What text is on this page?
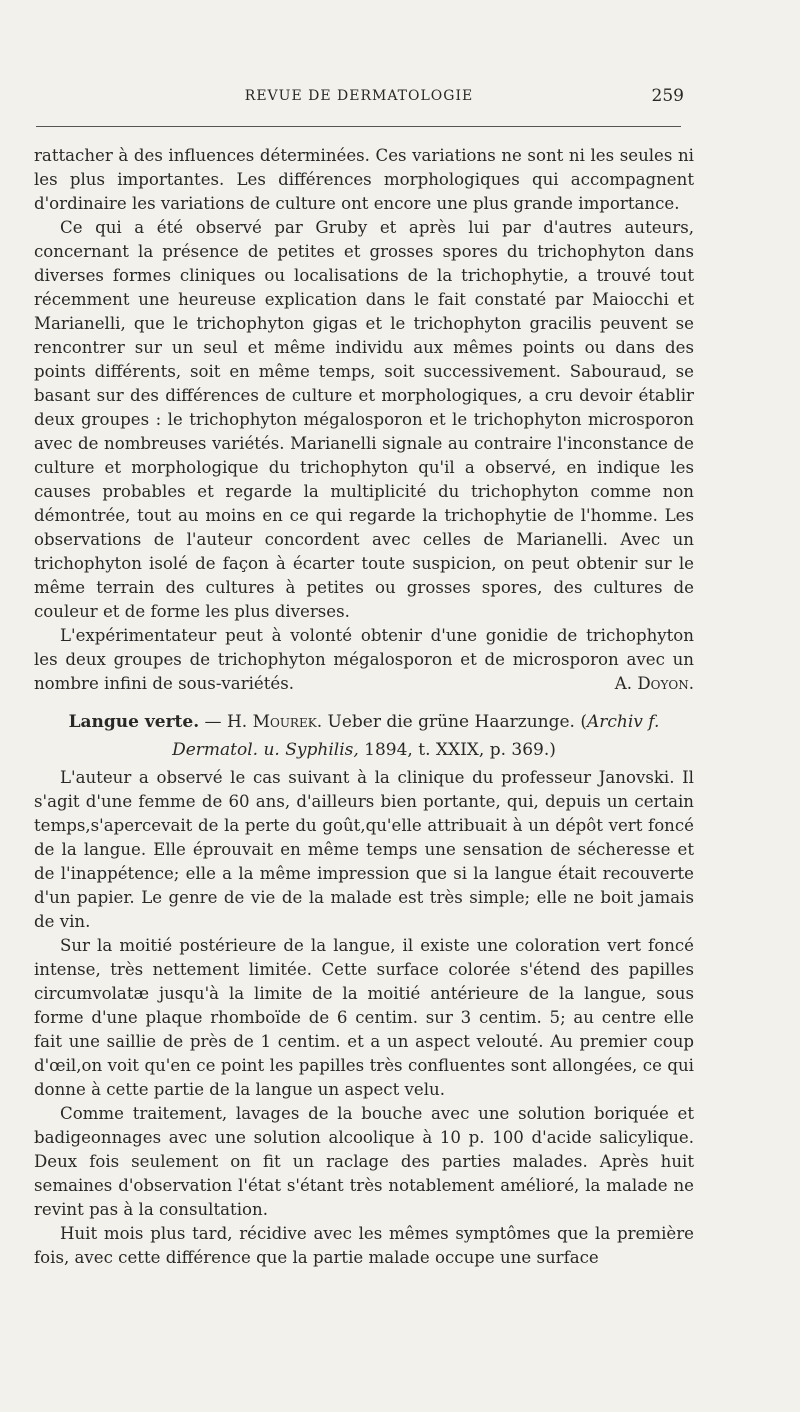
REVUE DE DERMATOLOGIE	259

rattacher à des influences déterminées. Ces variations ne sont ni les seules ni les plus importantes. Les différences morphologiques qui accompagnent d'ordinaire les variations de culture ont encore une plus grande importance.

Ce qui a été observé par Gruby et après lui par d'autres auteurs, concernant la présence de petites et grosses spores du trichophyton dans diverses formes cliniques ou localisations de la trichophytie, a trouvé tout récemment une heureuse explication dans le fait constaté par Maiocchi et Marianelli, que le trichophyton gigas et le trichophyton gracilis peuvent se rencontrer sur un seul et même individu aux mêmes points ou dans des points différents, soit en même temps, soit successivement. Sabouraud, se basant sur des différences de culture et morphologiques, a cru devoir établir deux groupes : le trichophyton mégalosporon et le trichophyton microsporon avec de nombreuses variétés. Marianelli signale au contraire l'inconstance de culture et morphologique du trichophyton qu'il a observé, en indique les causes probables et regarde la multiplicité du trichophyton comme non démontrée, tout au moins en ce qui regarde la trichophytie de l'homme. Les observations de l'auteur concordent avec celles de Marianelli. Avec un trichophyton isolé de façon à écarter toute suspicion, on peut obtenir sur le même terrain des cultures à petites ou grosses spores, des cultures de couleur et de forme les plus diverses.

L'expérimentateur peut à volonté obtenir d'une gonidie de trichophyton les deux groupes de trichophyton mégalosporon et de microsporon avec un nombre infini de sous-variétés.	A. Doyon.

Langue verte. — H. Mourek. Ueber die grüne Haarzunge. (Archiv f. Dermatol. u. Syphilis, 1894, t. XXIX, p. 369.)

L'auteur a observé le cas suivant à la clinique du professeur Janovski. Il s'agit d'une femme de 60 ans, d'ailleurs bien portante, qui, depuis un certain temps,s'apercevait de la perte du goût,qu'elle attribuait à un dépôt vert foncé de la langue. Elle éprouvait en même temps une sensation de sécheresse et de l'inappétence; elle a la même impression que si la langue était recouverte d'un papier. Le genre de vie de la malade est très simple; elle ne boit jamais de vin.

Sur la moitié postérieure de la langue, il existe une coloration vert foncé intense, très nettement limitée. Cette surface colorée s'étend des papilles circumvolatæ jusqu'à la limite de la moitié antérieure de la langue, sous forme d'une plaque rhomboïde de 6 centim. sur 3 centim. 5; au centre elle fait une saillie de près de 1 centim. et a un aspect velouté. Au premier coup d'œil,on voit qu'en ce point les papilles très confluentes sont allongées, ce qui donne à cette partie de la langue un aspect velu.

Comme traitement, lavages de la bouche avec une solution boriquée et badigeonnages avec une solution alcoolique à 10 p. 100 d'acide salicylique. Deux fois seulement on fit un raclage des parties malades. Après huit semaines d'observation l'état s'étant très notablement amélioré, la malade ne revint pas à la consultation.

Huit mois plus tard, récidive avec les mêmes symptômes que la première fois, avec cette différence que la partie malade occupe une surface
